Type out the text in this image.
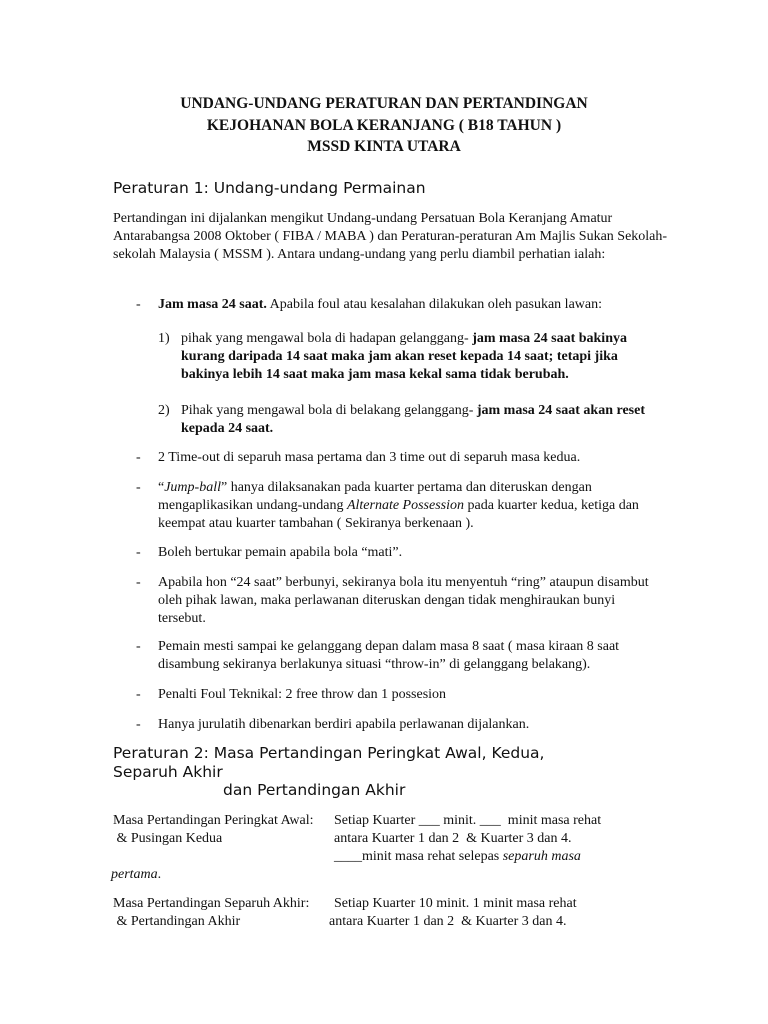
UNDANG-UNDANG PERATURAN DAN PERTANDINGAN
KEJOHANAN BOLA KERANJANG ( B18 TAHUN )
MSSD KINTA UTARA
Peraturan 1: Undang-undang Permainan
Pertandingan ini dijalankan mengikut Undang-undang Persatuan Bola Keranjang Amatur Antarabangsa 2008 Oktober ( FIBA / MABA ) dan Peraturan-peraturan Am Majlis Sukan Sekolah-sekolah Malaysia ( MSSM ). Antara undang-undang yang perlu diambil perhatian ialah:
- Jam masa 24 saat. Apabila foul atau kesalahan dilakukan oleh pasukan lawan:
1) pihak yang mengawal bola di hadapan gelanggang- jam masa 24 saat bakinya kurang daripada 14 saat maka jam akan reset kepada 14 saat; tetapi jika bakinya lebih 14 saat maka jam masa kekal sama tidak berubah.
2) Pihak yang mengawal bola di belakang gelanggang- jam masa 24 saat akan reset kepada 24 saat.
- 2 Time-out di separuh masa pertama dan 3 time out di separuh masa kedua.
- “Jump-ball” hanya dilaksanakan pada kuarter pertama dan diteruskan dengan mengaplikasikan undang-undang Alternate Possession pada kuarter kedua, ketiga dan keempat atau kuarter tambahan ( Sekiranya berkenaan ).
- Boleh bertukar pemain apabila bola “mati”.
- Apabila hon “24 saat” berbunyi, sekiranya bola itu menyentuh “ring” ataupun disambut oleh pihak lawan, maka perlawanan diteruskan dengan tidak menghiraukan bunyi tersebut.
- Pemain mesti sampai ke gelanggang depan dalam masa 8 saat ( masa kiraan 8 saat disambung sekiranya berlakunya situasi “throw-in” di gelanggang belakang).
- Penalti Foul Teknikal: 2 free throw dan 1 possesion
- Hanya jurulatih dibenarkan berdiri apabila perlawanan dijalankan.
Peraturan 2: Masa Pertandingan Peringkat Awal, Kedua,
Separuh Akhir
dan Pertandingan Akhir
Masa Pertandingan Peringkat Awal: Setiap Kuarter ___ minit. ___  minit masa rehat
& Pusingan Kedua	antara Kuarter 1 dan 2  & Kuarter 3 dan 4.
____minit masa rehat selepas separuh masa
pertama.
Masa Pertandingan Separuh Akhir: Setiap Kuarter 10 minit. 1 minit masa rehat
& Pertandingan Akhir	antara Kuarter 1 dan 2  & Kuarter 3 dan 4.
